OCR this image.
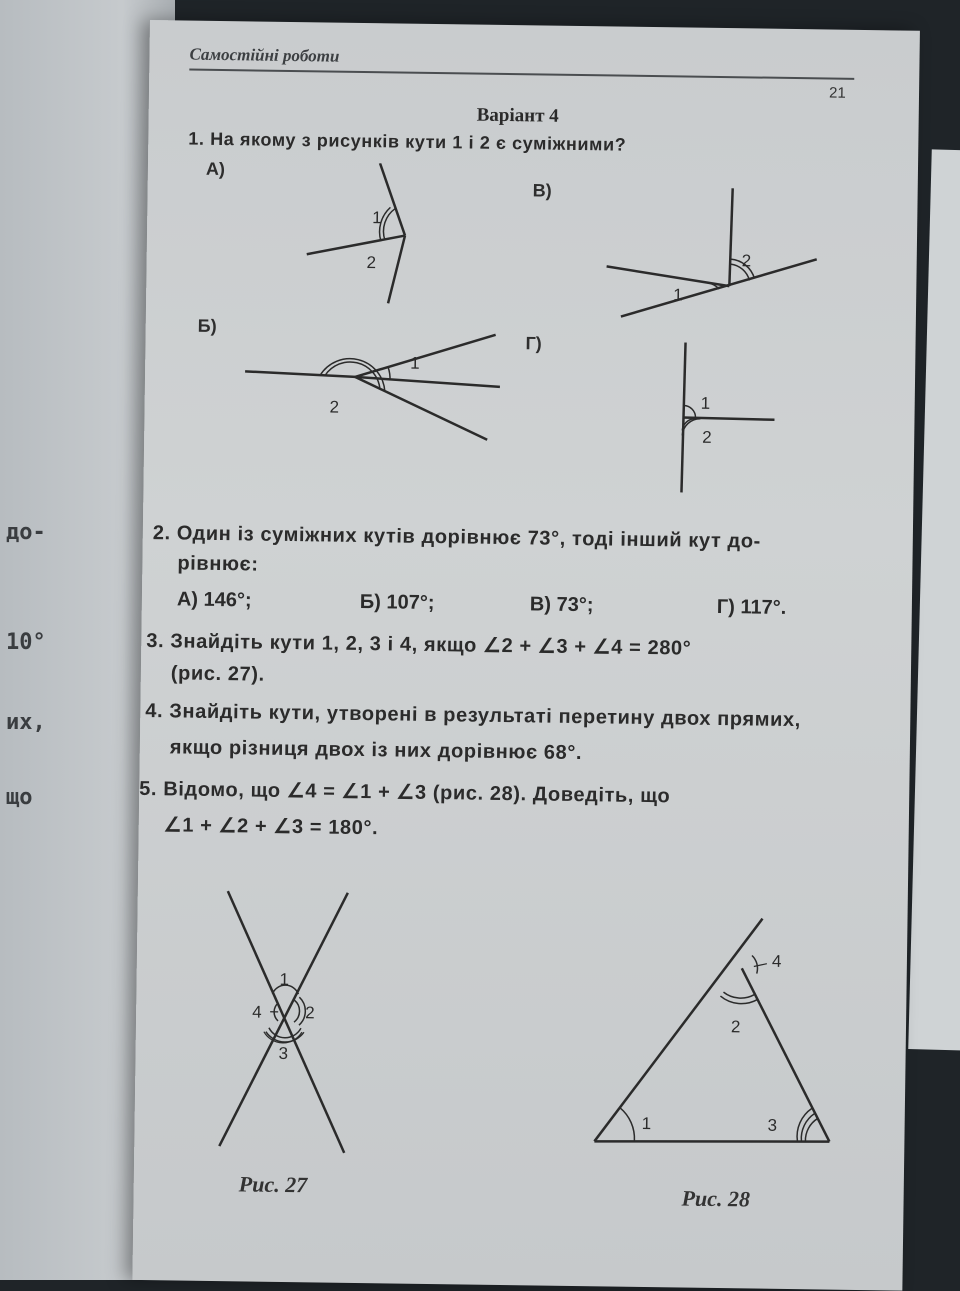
до-
10°
их,
що
Самостійні роботи
21
Варіант 4
1. На якому з рисунків кути 1 і 2 є суміжними?
А)
В)
Б)
Г)
1
2
1
2
1
2	1
2
2. Один із суміжних кутів дорівнює 73°, тоді інший кут до-
рівнює:
А) 146°;	Б) 107°;	В) 73°;	Г) 117°.
3. Знайдіть кути 1, 2, 3 і 4, якщо ∠2 + ∠3 + ∠4 = 280°
(рис. 27).
4. Знайдіть кути, утворені в результаті перетину двох прямих,
якщо різниця двох із них дорівнює 68°.
5. Відомо, що ∠4 = ∠1 + ∠3 (рис. 28). Доведіть, що
∠1 + ∠2 + ∠3 = 180°.
1
2
3
4
Рис. 27
1
2
3
4
Рис. 28
